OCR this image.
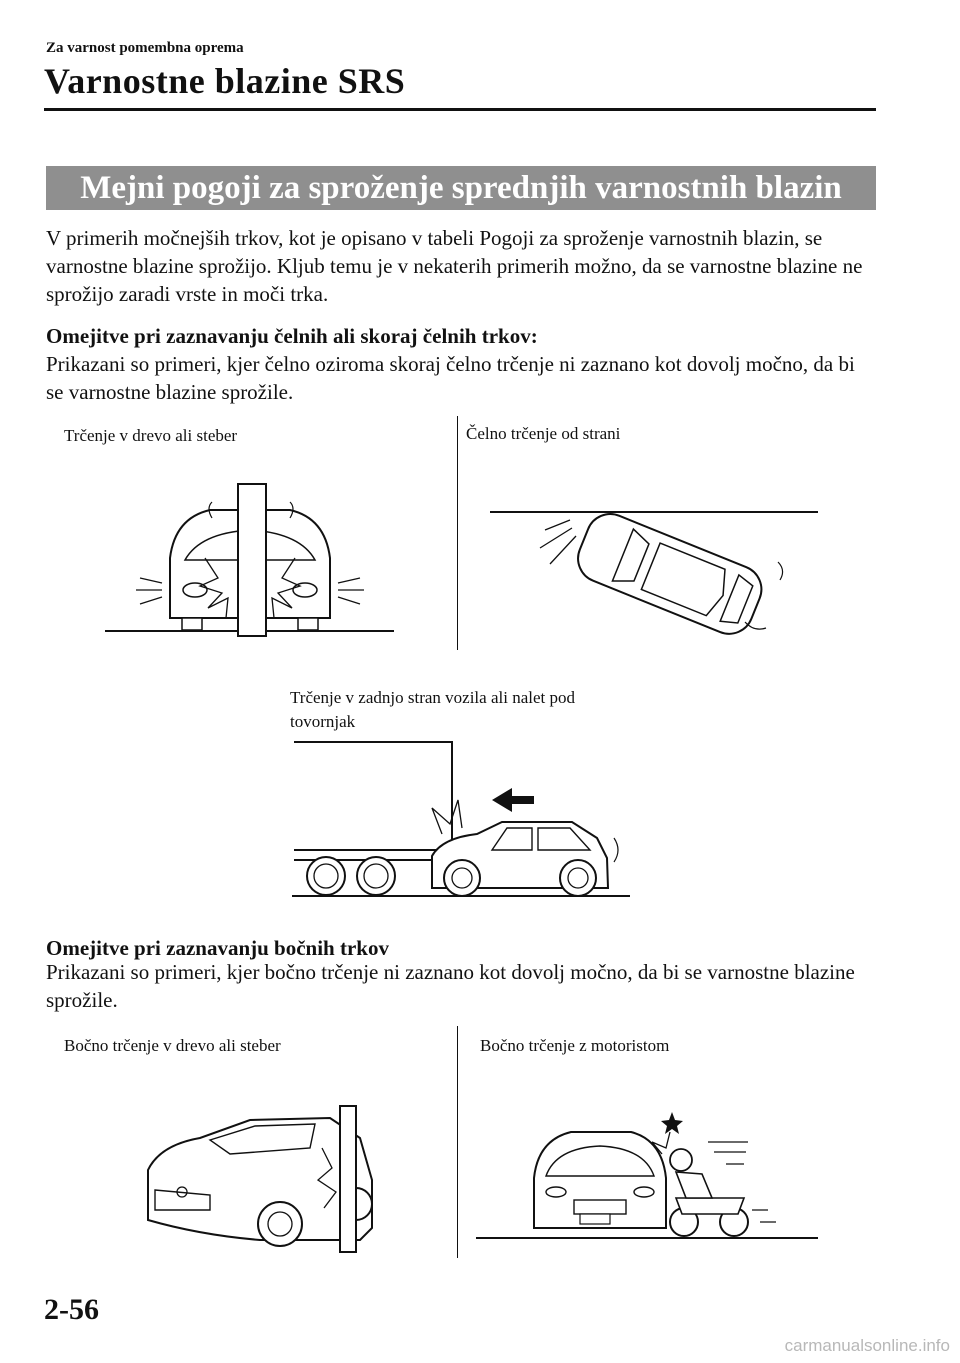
Za varnost pomembna oprema
Varnostne blazine SRS
Mejni pogoji za sproženje sprednjih varnostnih blazin
V primerih močnejših trkov, kot je opisano v tabeli Pogoji za sproženje varnostnih blazin, se varnostne blazine sprožijo. Kljub temu je v nekaterih primerih možno, da se varnostne blazine ne sprožijo zaradi vrste in moči trka.
Omejitve pri zaznavanju čelnih ali skoraj čelnih trkov:
Prikazani so primeri, kjer čelno oziroma skoraj čelno trčenje ni zaznano kot dovolj močno, da bi se varnostne blazine sprožile.
Trčenje v drevo ali steber	Čelno trčenje od strani
Trčenje v zadnjo stran vozila ali nalet pod
tovornjak
Omejitve pri zaznavanju bočnih trkov
Prikazani so primeri, kjer bočno trčenje ni zaznano kot dovolj močno, da bi se varnostne blazine sprožile.
Bočno trčenje v drevo ali steber	Bočno trčenje z motoristom
2-56
carmanualsonline.info
